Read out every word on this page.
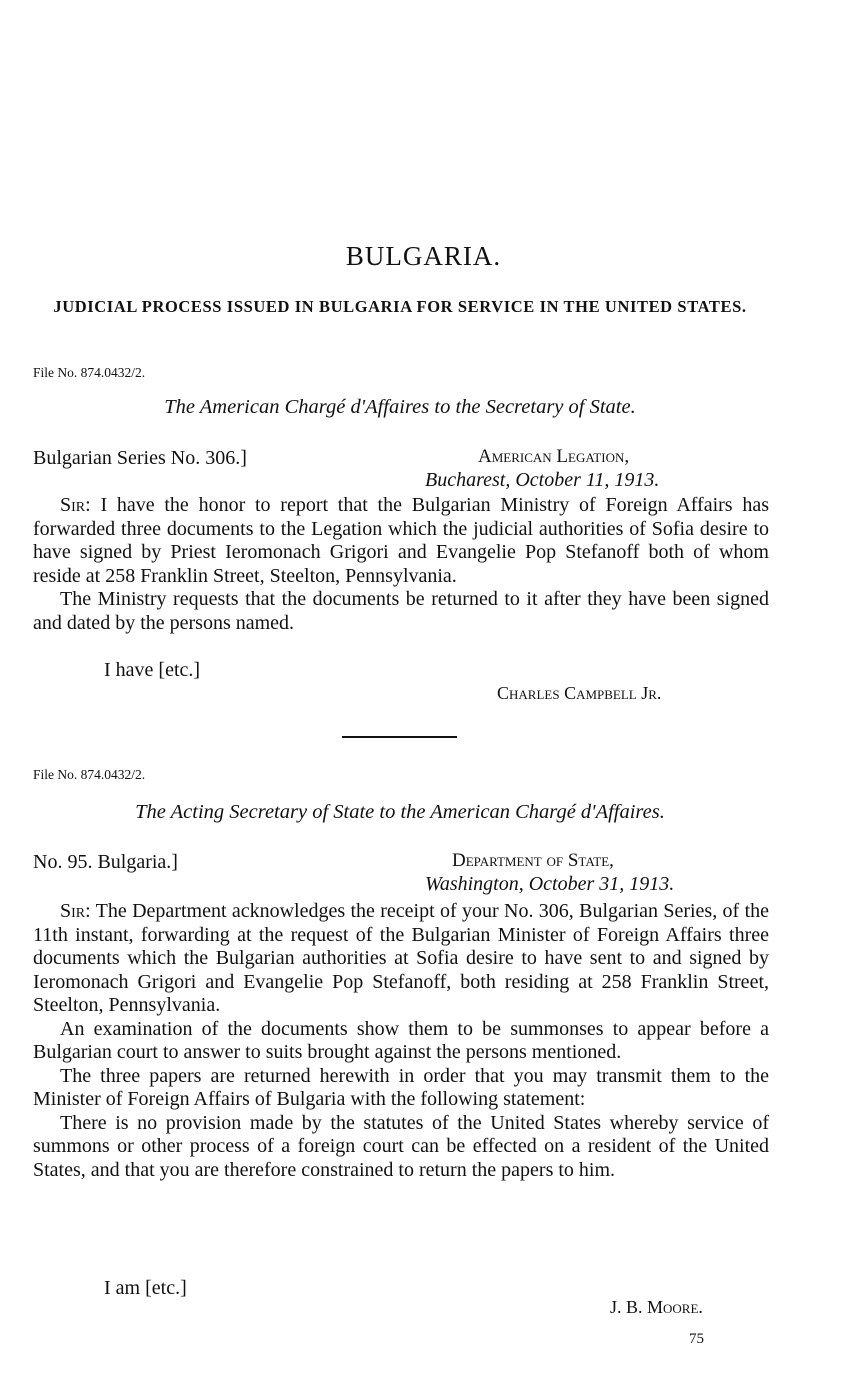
BULGARIA.
JUDICIAL PROCESS ISSUED IN BULGARIA FOR SERVICE IN THE UNITED STATES.
File No. 874.0432/2.
The American Chargé d'Affaires to the Secretary of State.
Bulgarian Series No. 306.]	American Legation,
Bucharest, October 11, 1913.

Sir: I have the honor to report that the Bulgarian Ministry of Foreign Affairs has forwarded three documents to the Legation which the judicial authorities of Sofia desire to have signed by Priest Ieromonach Grigori and Evangelie Pop Stefanoff both of whom reside at 258 Franklin Street, Steelton, Pennsylvania.

The Ministry requests that the documents be returned to it after they have been signed and dated by the persons named.

I have [etc.]
Charles Campbell Jr.
File No. 874.0432/2.
The Acting Secretary of State to the American Chargé d'Affaires.
No. 95. Bulgaria.]	Department of State,
Washington, October 31, 1913.

Sir: The Department acknowledges the receipt of your No. 306, Bulgarian Series, of the 11th instant, forwarding at the request of the Bulgarian Minister of Foreign Affairs three documents which the Bulgarian authorities at Sofia desire to have sent to and signed by Ieromonach Grigori and Evangelie Pop Stefanoff, both residing at 258 Franklin Street, Steelton, Pennsylvania.

An examination of the documents show them to be summonses to appear before a Bulgarian court to answer to suits brought against the persons mentioned.

The three papers are returned herewith in order that you may transmit them to the Minister of Foreign Affairs of Bulgaria with the following statement:

There is no provision made by the statutes of the United States whereby service of summons or other process of a foreign court can be effected on a resident of the United States, and that you are therefore constrained to return the papers to him.

I am [etc.]
J. B. Moore.
75
